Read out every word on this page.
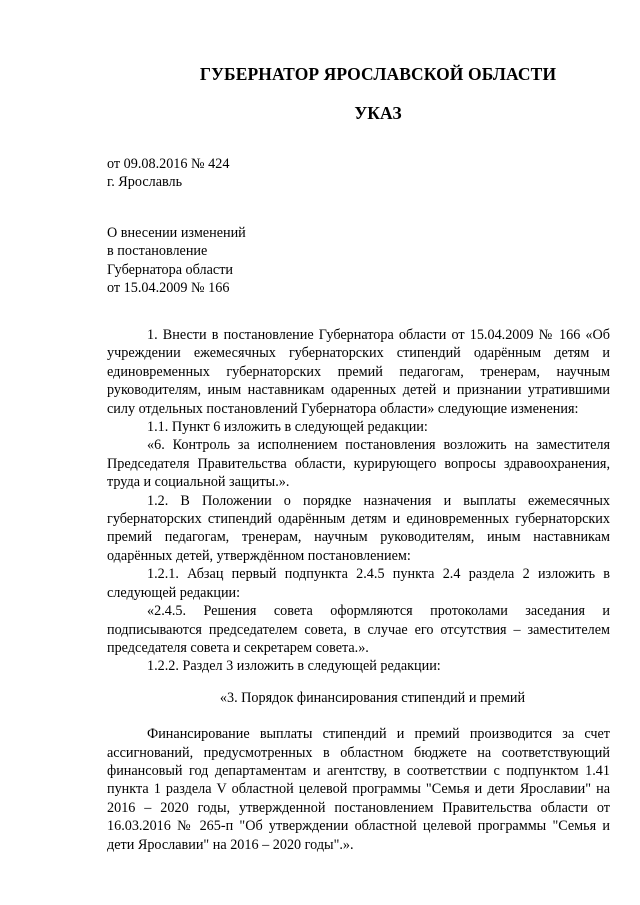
ГУБЕРНАТОР ЯРОСЛАВСКОЙ ОБЛАСТИ
УКАЗ
от 09.08.2016 № 424
г. Ярославль
О внесении изменений
в постановление
Губернатора области
от 15.04.2009 № 166

1. Внести в постановление Губернатора области от 15.04.2009 № 166 «Об учреждении ежемесячных губернаторских стипендий одарённым детям и единовременных губернаторских премий педагогам, тренерам, научным руководителям, иным наставникам одаренных детей и признании утратившими силу отдельных постановлений Губернатора области» следующие изменения:

1.1. Пункт 6 изложить в следующей редакции:

«6. Контроль за исполнением постановления возложить на заместителя Председателя Правительства области, курирующего вопросы здравоохранения, труда и социальной защиты.».

1.2. В Положении о порядке назначения и выплаты ежемесячных губернаторских стипендий одарённым детям и единовременных губернаторских премий педагогам, тренерам, научным руководителям, иным наставникам одарённых детей, утверждённом постановлением:

1.2.1. Абзац первый подпункта 2.4.5 пункта 2.4 раздела 2 изложить в следующей редакции:

«2.4.5. Решения совета оформляются протоколами заседания и подписываются председателем совета, в случае его отсутствия – заместителем председателя совета и секретарем совета.».

1.2.2. Раздел 3 изложить в следующей редакции:

«3. Порядок финансирования стипендий и премий

Финансирование выплаты стипендий и премий производится за счет ассигнований, предусмотренных в областном бюджете на соответствующий финансовый год департаментам и агентству, в соответствии с подпунктом 1.41 пункта 1 раздела V областной целевой программы "Семья и дети Ярославии" на 2016 – 2020 годы, утвержденной постановлением Правительства области от 16.03.2016 № 265-п "Об утверждении областной целевой программы "Семья и дети Ярославии" на 2016 – 2020 годы".».
